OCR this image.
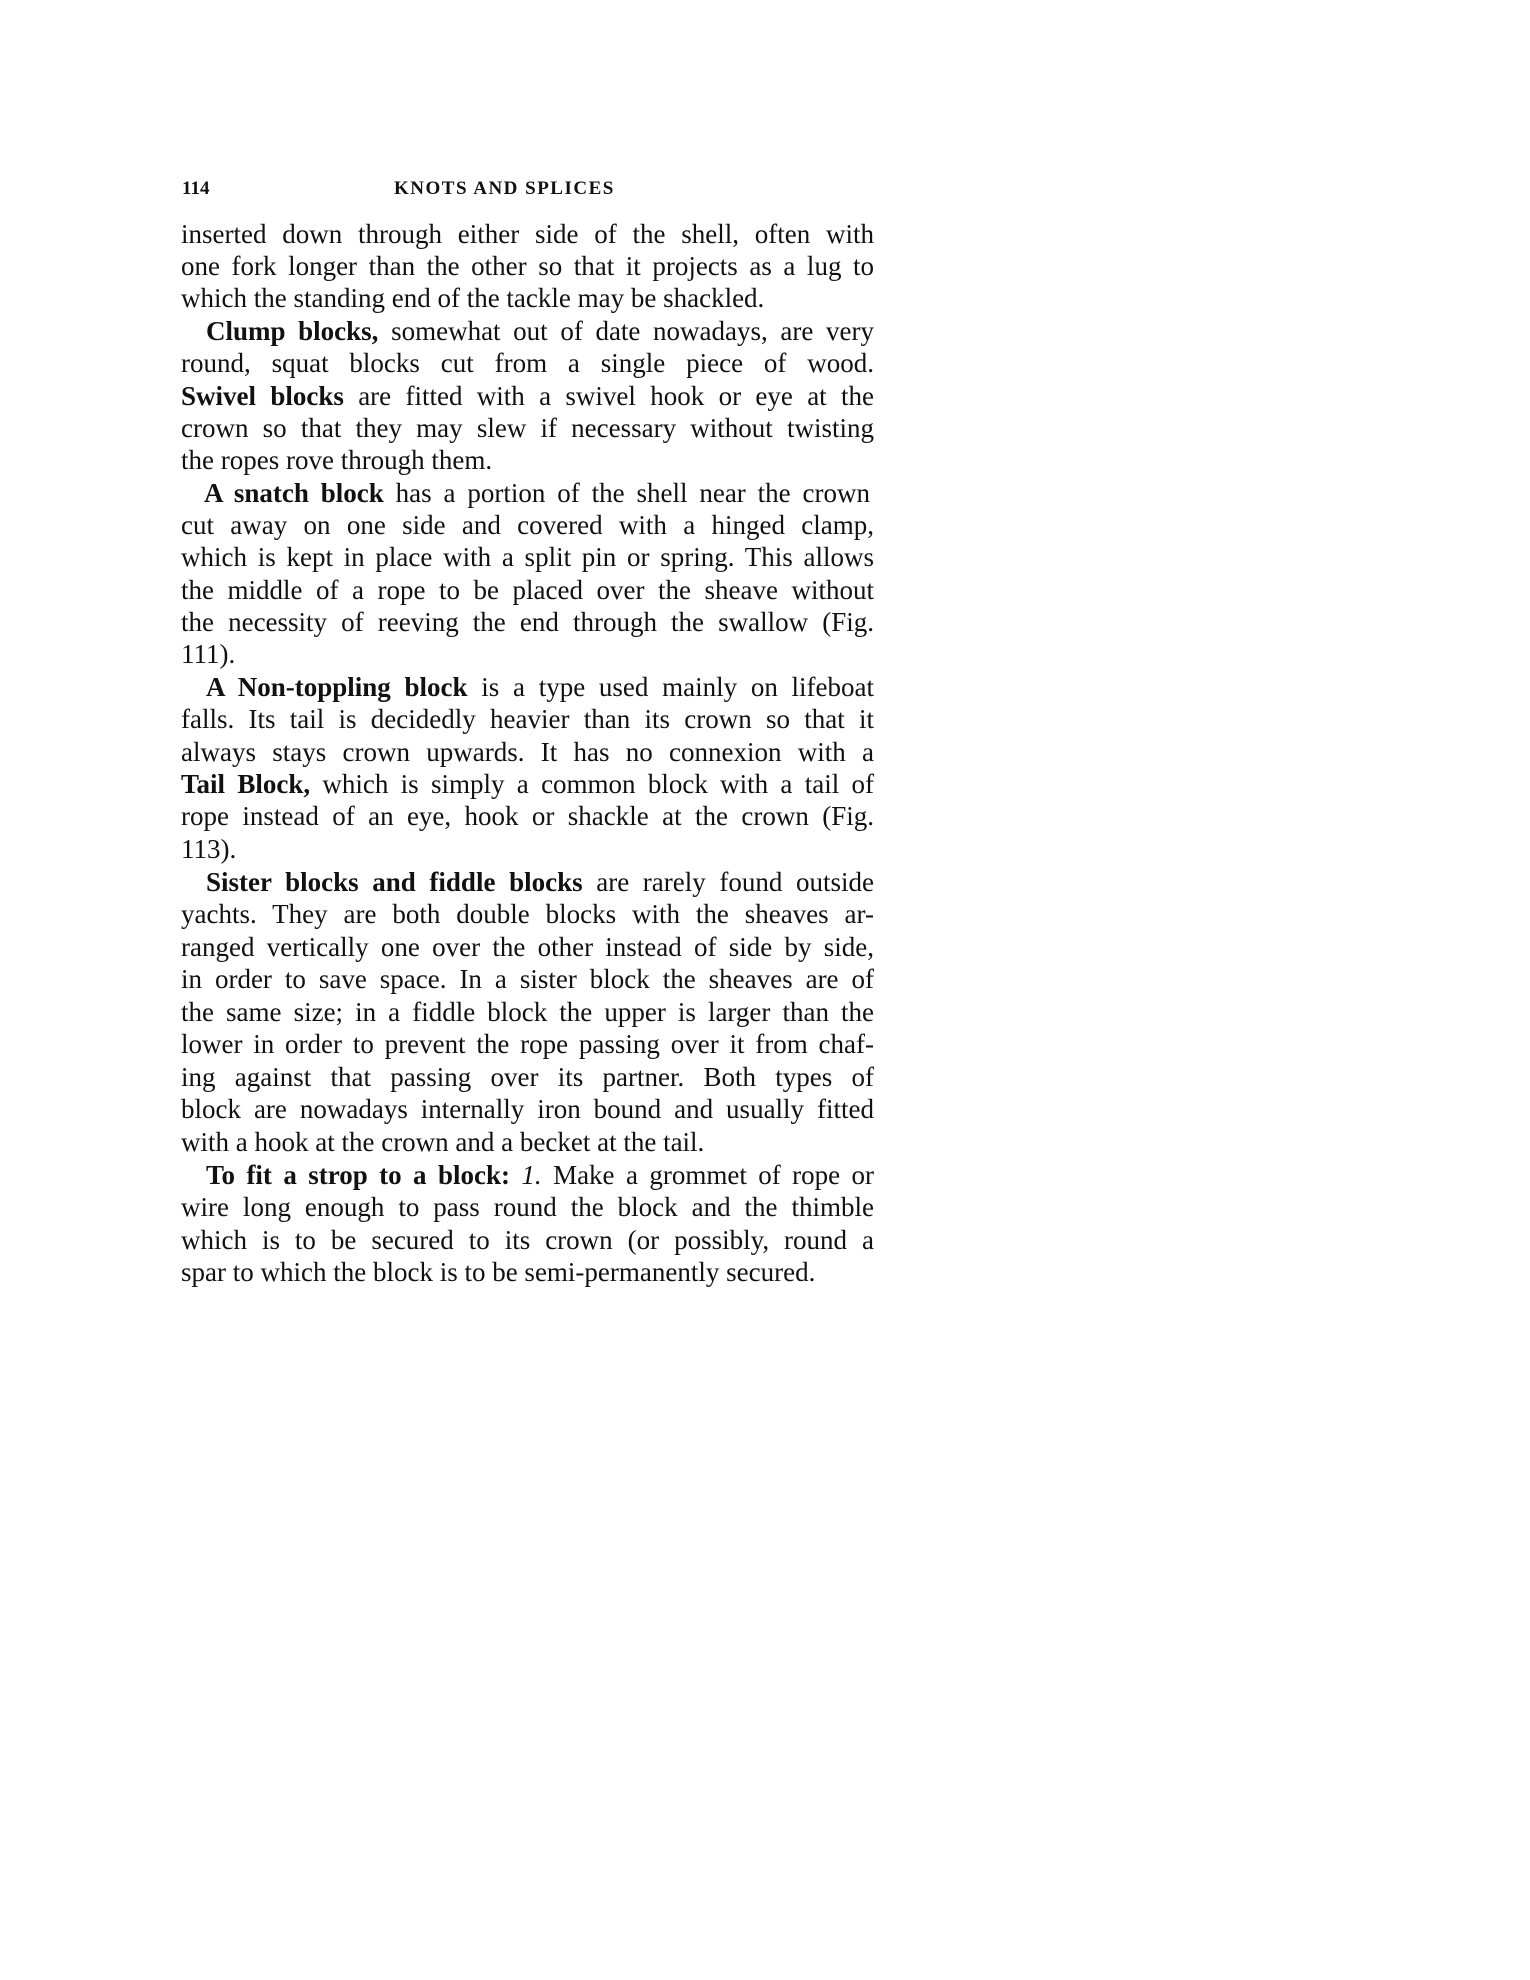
114	KNOTS AND SPLICES
inserted down through either side of the shell, often with
one fork longer than the other so that it projects as a lug to
which the standing end of the tackle may be shackled.
Clump blocks, somewhat out of date nowadays, are very
round, squat blocks cut from a single piece of wood.
Swivel blocks are fitted with a swivel hook or eye at the
crown so that they may slew if necessary without twisting
the ropes rove through them.
A snatch block has a portion of the shell near the crown
cut away on one side and covered with a hinged clamp,
which is kept in place with a split pin or spring. This allows
the middle of a rope to be placed over the sheave without
the necessity of reeving the end through the swallow (Fig.
111).
A Non-toppling block is a type used mainly on lifeboat
falls. Its tail is decidedly heavier than its crown so that it
always stays crown upwards. It has no connexion with a
Tail Block, which is simply a common block with a tail of
rope instead of an eye, hook or shackle at the crown (Fig.
113).
Sister blocks and fiddle blocks are rarely found outside
yachts. They are both double blocks with the sheaves ar-
ranged vertically one over the other instead of side by side,
in order to save space. In a sister block the sheaves are of
the same size; in a fiddle block the upper is larger than the
lower in order to prevent the rope passing over it from chaf-
ing against that passing over its partner. Both types of
block are nowadays internally iron bound and usually fitted
with a hook at the crown and a becket at the tail.
To fit a strop to a block: 1. Make a grommet of rope or
wire long enough to pass round the block and the thimble
which is to be secured to its crown (or possibly, round a
spar to which the block is to be semi-permanently secured.
